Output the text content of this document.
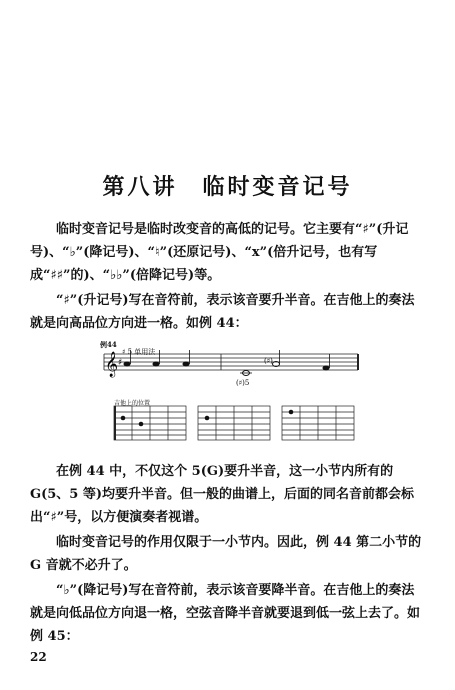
第八讲　临时变音记号
临时变音记号是临时改变音的高低的记号。它主要有“♯”(升记号)、“♭”(降记号)、“♮”(还原记号)、“x”(倍升记号，也有写成“♯♯”的)、“♭♭”(倍降记号)等。
“♯”(升记号)写在音符前，表示该音要升半音。在吉他上的奏法就是向高品位方向进一格。如例 44：
例44
♯ 5 单用法
𝄞 ♯	(♯)
(♯)5
吉他上的位置
在例 44 中，不仅这个 5(G)要升半音，这一小节内所有的 G(5、5 等)均要升半音。但一般的曲谱上，后面的同名音前都会标出“♯”号，以方便演奏者视谱。
临时变音记号的作用仅限于一小节内。因此，例 44 第二小节的 G 音就不必升了。
“♭”(降记号)写在音符前，表示该音要降半音。在吉他上的奏法就是向低品位方向退一格，空弦音降半音就要退到低一弦上去了。如例 45：
22
